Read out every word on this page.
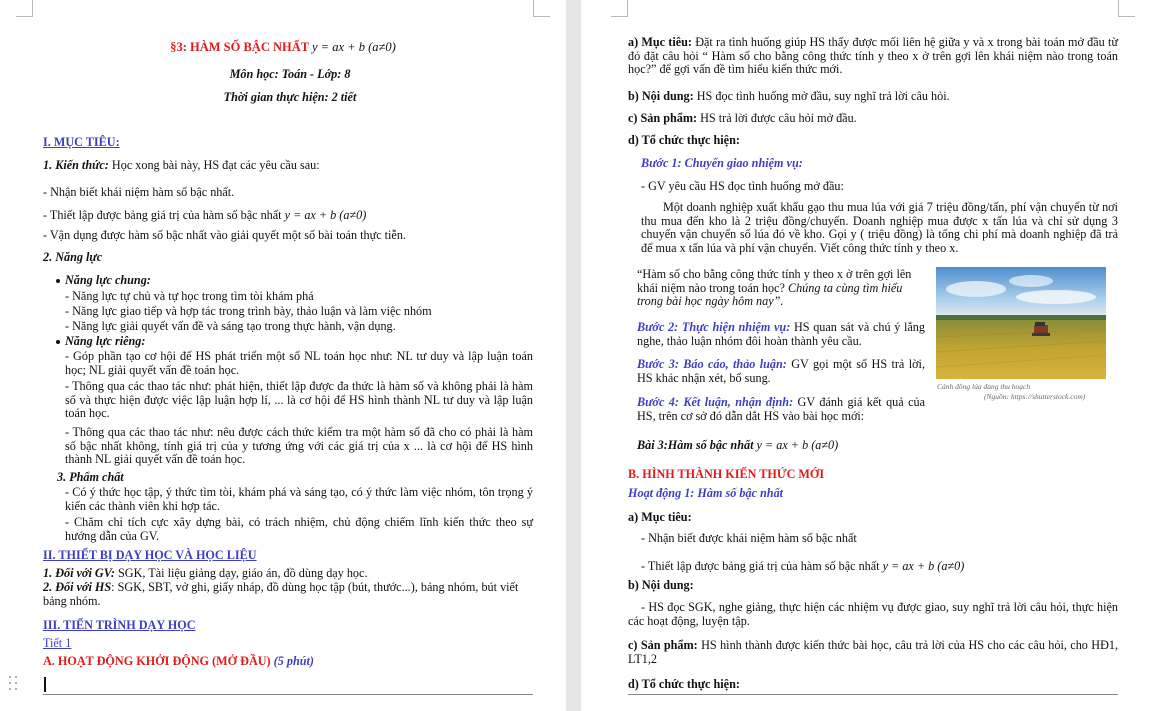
§3: HÀM SỐ BẬC NHẤT y = ax + b (a≠0)
Môn học: Toán - Lớp: 8
Thời gian thực hiện: 2 tiết
I. MỤC TIÊU:
1. Kiến thức: Học xong bài này, HS đạt các yêu cầu sau:
- Nhận biết khái niệm hàm số bậc nhất.
- Thiết lập được bảng giá trị của hàm số bậc nhất y = ax + b (a≠0)
- Vận dụng được hàm số bậc nhất vào giải quyết một số bài toán thực tiễn.
2. Năng lực
Năng lực chung:
- Năng lực tự chủ và tự học trong tìm tòi khám phá
- Năng lực giao tiếp và hợp tác trong trình bày, thảo luận và làm việc nhóm
- Năng lực giải quyết vấn đề và sáng tạo trong thực hành, vận dụng.
Năng lực riêng:
- Góp phần tạo cơ hội để HS phát triển một số NL toán học như: NL tư duy và lập luận toán học; NL giải quyết vấn đề toán học.
- Thông qua các thao tác như: phát hiện, thiết lập được đa thức là hàm số và không phải là hàm số và thực hiện được việc lập luận hợp lí, ... là cơ hội để HS hình thành NL tư duy và lập luận toán học.
- Thông qua các thao tác như: nêu được cách thức kiểm tra một hàm số đã cho có phải là hàm số bậc nhất không, tính giá trị của y tương ứng với các giá trị của x ... là cơ hội để HS hình thành NL giải quyết vấn đề toán học.
3. Phẩm chất
- Có ý thức học tập, ý thức tìm tòi, khám phá và sáng tạo, có ý thức làm việc nhóm, tôn trọng ý kiến các thành viên khi hợp tác.
- Chăm chỉ tích cực xây dựng bài, có trách nhiệm, chủ động chiếm lĩnh kiến thức theo sự hướng dẫn của GV.
II. THIẾT BỊ DẠY HỌC VÀ HỌC LIỆU
1. Đối với GV: SGK, Tài liệu giảng dạy, giáo án, đồ dùng dạy học.
2. Đối với HS: SGK, SBT, vở ghi, giấy nháp, đồ dùng học tập (bút, thước...), bảng nhóm, bút viết bảng nhóm.
III. TIẾN TRÌNH DẠY HỌC
Tiết 1
A. HOẠT ĐỘNG KHỞI ĐỘNG (MỞ ĐẦU) (5 phút)
a) Mục tiêu: Đặt ra tình huống giúp HS thấy được mối liên hệ giữa y và x trong bài toán mở đầu từ đó đặt câu hỏi “ Hàm số cho bằng công thức tính y theo x ở trên gợi lên khái niệm nào trong toán học?” để gợi vấn đề tìm hiểu kiến thức mới.
b) Nội dung: HS đọc tình huống mở đầu, suy nghĩ trả lời câu hỏi.
c) Sản phẩm: HS trả lời được câu hỏi mở đầu.
d) Tổ chức thực hiện:
Bước 1: Chuyển giao nhiệm vụ:
- GV yêu cầu HS đọc tình huống mở đầu:
Một doanh nghiệp xuất khẩu gạo thu mua lúa với giá 7 triệu đồng/tấn, phí vận chuyển từ nơi thu mua đến kho là 2 triệu đồng/chuyến. Doanh nghiệp mua được x tấn lúa và chỉ sử dụng 3 chuyến vận chuyển số lúa đó về kho. Gọi y ( triệu đồng) là tổng chi phí mà doanh nghiệp đã trả để mua x tấn lúa và phí vận chuyển. Viết công thức tính y theo x.
“Hàm số cho bằng công thức tính y theo x ở trên gợi lên khái niệm nào trong toán học? Chúng ta cùng tìm hiểu trong bài học ngày hôm nay”.
Cánh đồng lúa đang thu hoạch
(Nguồn: https://shutterstock.com)
Bước 2: Thực hiện nhiệm vụ: HS quan sát và chú ý lắng nghe, thảo luận nhóm đôi hoàn thành yêu cầu.
Bước 3: Báo cáo, thảo luận: GV gọi một số HS trả lời, HS khác nhận xét, bổ sung.
Bước 4: Kết luận, nhận định: GV đánh giá kết quả của HS, trên cơ sở đó dẫn dắt HS vào bài học mới:
Bài 3:Hàm số bậc nhất y = ax + b (a≠0)
B. HÌNH THÀNH KIẾN THỨC MỚI
Hoạt động 1: Hàm số bậc nhất
a) Mục tiêu:
- Nhận biết được khái niệm hàm số bậc nhất
- Thiết lập được bảng giá trị của hàm số bậc nhất y = ax + b (a≠0)
b) Nội dung:
- HS đọc SGK, nghe giảng, thực hiện các nhiệm vụ được giao, suy nghĩ trả lời câu hỏi, thực hiện các hoạt động, luyện tập.
c) Sản phẩm: HS hình thành được kiến thức bài học, câu trả lời của HS cho các câu hỏi, cho HĐ1, LT1,2
d) Tổ chức thực hiện:
